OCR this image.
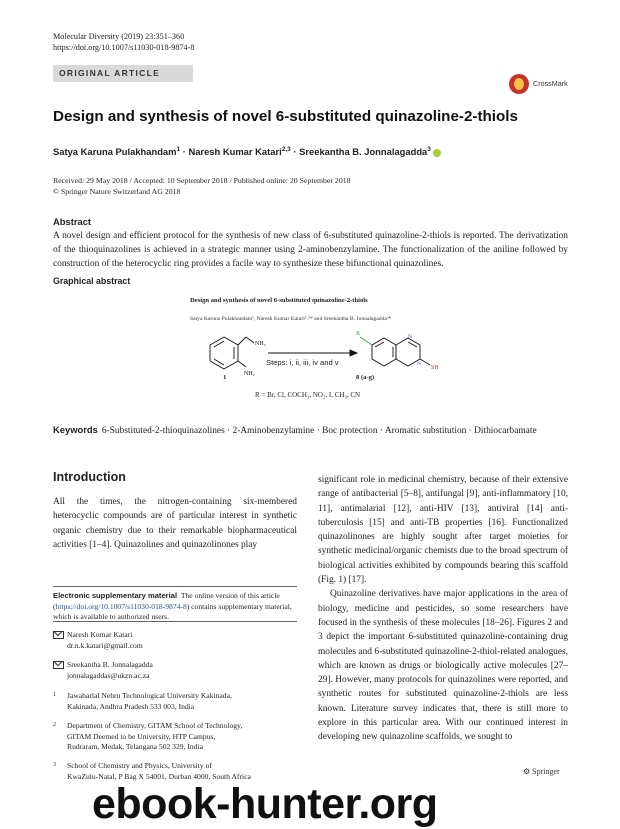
Molecular Diversity (2019) 23:351–360
https://doi.org/10.1007/s11030-018-9874-8
ORIGINAL ARTICLE
CrossMark
Design and synthesis of novel 6-substituted quinazoline-2-thiols
Satya Karuna Pulakhandam$^1$ · Naresh Kumar Katari$^{2,3}$ · Sreekantha B. Jonnalagadda$^3$
Received: 29 May 2018 / Accepted: 10 September 2018 / Published online: 20 September 2018
© Springer Nature Switzerland AG 2018
Abstract
A novel design and efficient protocol for the synthesis of new class of 6-substituted quinazoline-2-thiols is reported. The derivatization of the thioquinazolines is achieved in a strategic manner using 2-aminobenzylamine. The functionalization of the aniline followed by construction of the heterocyclic ring provides a facile way to synthesize these bifunctional quinazolines.
Graphical abstract
Design and synthesis of novel 6-substituted quinazoline-2-thiols
Satya Karuna Pulakhandam¹, Naresh Kumar Katari²˒³* and Sreekantha B. Jonnalagadda³*
N
N
NH₂
NH₂
R
SH
Steps: i, ii, iii, iv and v
1	8 (a-g)
R = Br, Cl, COCH₃, NO₂, I, CH₃, CN
Keywords 6-Substituted-2-thioquinazolines · 2-Aminobenzylamine · Boc protection · Aromatic substitution · Dithiocarbamate
Introduction
All the times, the nitrogen-containing six-membered heterocyclic compounds are of particular interest in synthetic organic chemistry due to their remarkable biopharmaceutical activities [1–4]. Quinazolines and quinazolinones play
significant role in medicinal chemistry, because of their extensive range of antibacterial [5–8], antifungal [9], anti-inflammatory [10, 11], antimalarial [12], anti-HIV [13], antiviral [14] anti-tuberculosis [15] and anti-TB properties [16]. Functionalized quinazolinones are highly sought after target moieties for synthetic medicinal/organic chemists due to the broad spectrum of biological activities exhibited by compounds bearing this scaffold (Fig. 1) [17].
Quinazoline derivatives have major applications in the area of biology, medicine and pesticides, so some researchers have focused in the synthesis of these molecules [18–26]. Figures 2 and 3 depict the important 6-substituted quinazoline-containing drug molecules and 6-substituted quinazoline-2-thiol-related analogues, which are known as drugs or biologically active molecules [27–29]. However, many protocols for quinazolines were reported, and synthetic routes for substituted quinazoline-2-thiols are less known. Literature survey indicates that, there is still more to explore in this particular area. With our continued interest in developing new quinazoline scaffolds, we sought to
Electronic supplementary material The online version of this article (https://doi.org/10.1007/s11030-018-9874-8) contains supplementary material, which is available to authorized users.
Naresh Kumar Katari
dr.n.k.katari@gmail.com
Sreekantha B. Jonnalagadda
jonnalagaddas@ukzn.ac.za
1 Jawaharlal Nehru Technological University Kakinada,
Kakinada, Andhra Pradesh 533 003, India
2 Department of Chemistry, GITAM School of Technology,
GITAM Deemed to be University, HTP Campus,
Rudraram, Medak, Telangana 502 329, India
3 School of Chemistry and Physics, University of
KwaZulu-Natal, P Bag X 54001, Durban 4000, South Africa
⚙ Springer
ebook-hunter.org
